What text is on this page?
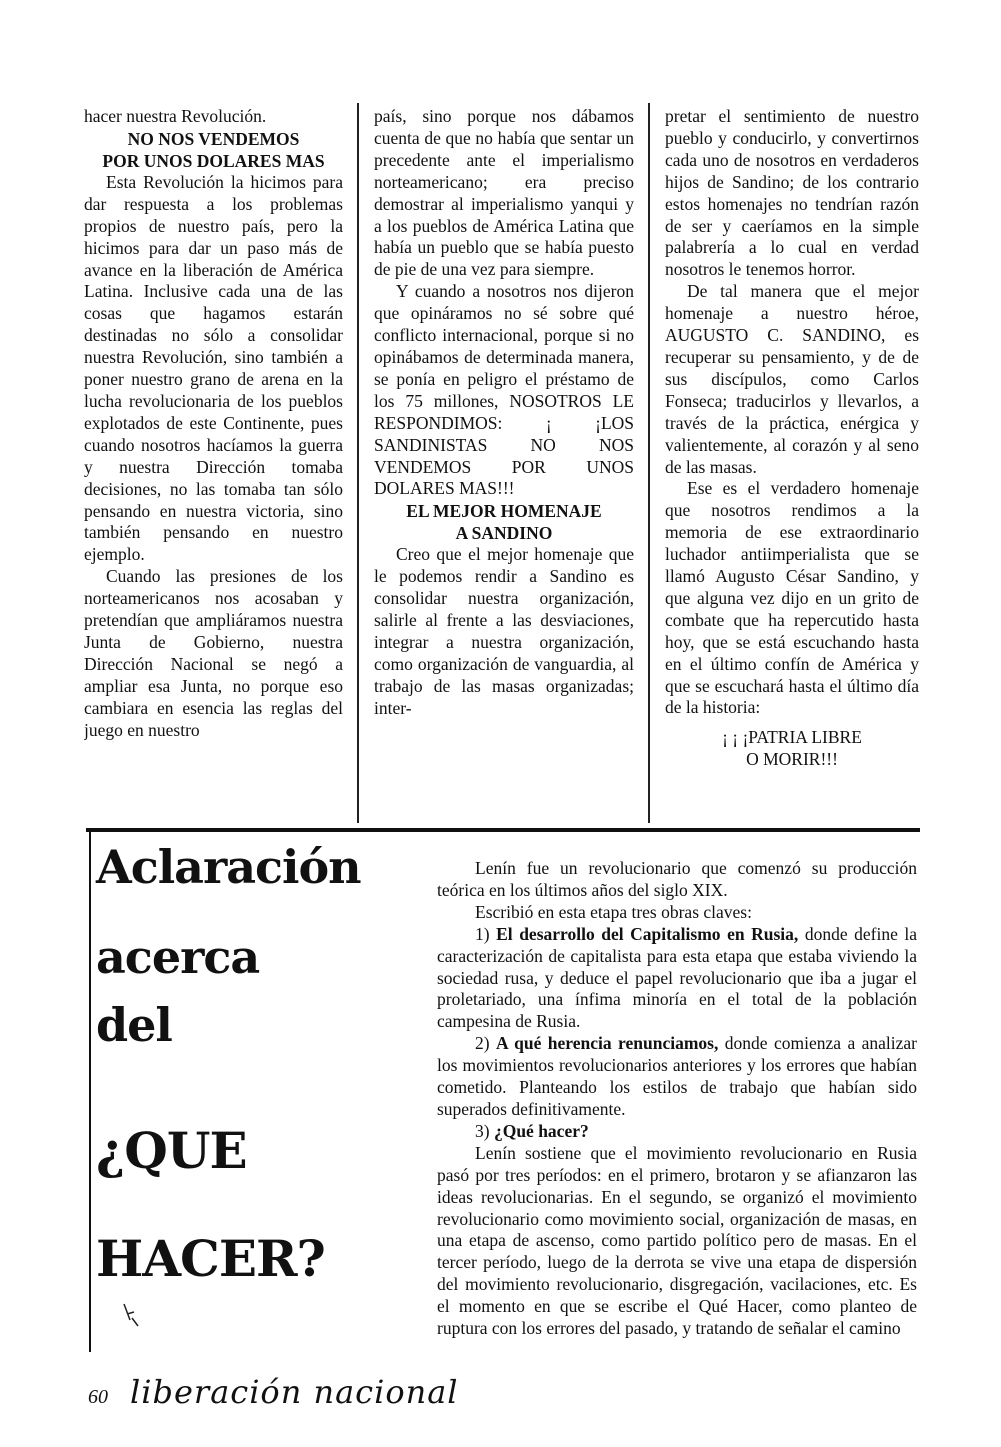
hacer nuestra Revolución.

NO NOS VENDEMOS
POR UNOS DOLARES MAS

Esta Revolución la hicimos para dar respuesta a los problemas propios de nuestro país, pero la hicimos para dar un paso más de avance en la liberación de América Latina. Inclusive cada una de las cosas que hagamos estarán destinadas no sólo a consolidar nuestra Revolución, sino también a poner nuestro grano de arena en la lucha revolucionaria de los pueblos explotados de este Continente, pues cuando nosotros hacíamos la guerra y nuestra Dirección tomaba decisiones, no las tomaba tan sólo pensando en nuestra victoria, sino también pensando en nuestro ejemplo.

Cuando las presiones de los norteamericanos nos acosaban y pretendían que ampliáramos nuestra Junta de Gobierno, nuestra Dirección Nacional se negó a ampliar esa Junta, no porque eso cambiara en esencia las reglas del juego en nuestro

país, sino porque nos dábamos cuenta de que no había que sentar un precedente ante el imperialismo norteamericano; era preciso demostrar al imperialismo yanqui y a los pueblos de América Latina que había un pueblo que se había puesto de pie de una vez para siempre.

Y cuando a nosotros nos dijeron que opináramos no sé sobre qué conflicto internacional, porque si no opinábamos de determinada manera, se ponía en peligro el préstamo de los 75 millones, NOSOTROS LE RESPONDIMOS: ¡ ¡LOS SANDINISTAS NO NOS VENDEMOS POR UNOS DOLARES MAS!!!

EL MEJOR HOMENAJE
A SANDINO

Creo que el mejor homenaje que le podemos rendir a Sandino es consolidar nuestra organización, salirle al frente a las desviaciones, integrar a nuestra organización, como organización de vanguardia, al trabajo de las masas organizadas; inter-

pretar el sentimiento de nuestro pueblo y conducirlo, y convertirnos cada uno de nosotros en verdaderos hijos de Sandino; de los contrario estos homenajes no tendrían razón de ser y caeríamos en la simple palabrería a lo cual en verdad nosotros le tenemos horror.

De tal manera que el mejor homenaje a nuestro héroe, AUGUSTO C. SANDINO, es recuperar su pensamiento, y de de sus discípulos, como Carlos Fonseca; traducirlos y llevarlos, a través de la práctica, enérgica y valientemente, al corazón y al seno de las masas.

Ese es el verdadero homenaje que nosotros rendimos a la memoria de ese extraordinario luchador antiimperialista que se llamó Augusto César Sandino, y que alguna vez dijo en un grito de combate que ha repercutido hasta hoy, que se está escuchando hasta en el último confín de América y que se escuchará hasta el último día de la historia:

¡ ¡ ¡PATRIA LIBRE
O MORIR!!!

Aclaración
acerca
del
¿QUE
HACER?

Lenín fue un revolucionario que comenzó su producción teórica en los últimos años del siglo XIX.

Escribió en esta etapa tres obras claves:

1) El desarrollo del Capitalismo en Rusia, donde define la caracterización de capitalista para esta etapa que estaba viviendo la sociedad rusa, y deduce el papel revolucionario que iba a jugar el proletariado, una ínfima minoría en el total de la población campesina de Rusia.

2) A qué herencia renunciamos, donde comienza a analizar los movimientos revolucionarios anteriores y los errores que habían cometido. Planteando los estilos de trabajo que habían sido superados definitivamente.

3) ¿Qué hacer?

Lenín sostiene que el movimiento revolucionario en Rusia pasó por tres períodos: en el primero, brotaron y se afianzaron las ideas revolucionarias. En el segundo, se organizó el movimiento revolucionario como movimiento social, organización de masas, en una etapa de ascenso, como partido político pero de masas. En el tercer período, luego de la derrota se vive una etapa de dispersión del movimiento revolucionario, disgregación, vacilaciones, etc. Es el momento en que se escribe el Qué Hacer, como planteo de ruptura con los errores del pasado, y tratando de señalar el camino

60 liberación nacional
